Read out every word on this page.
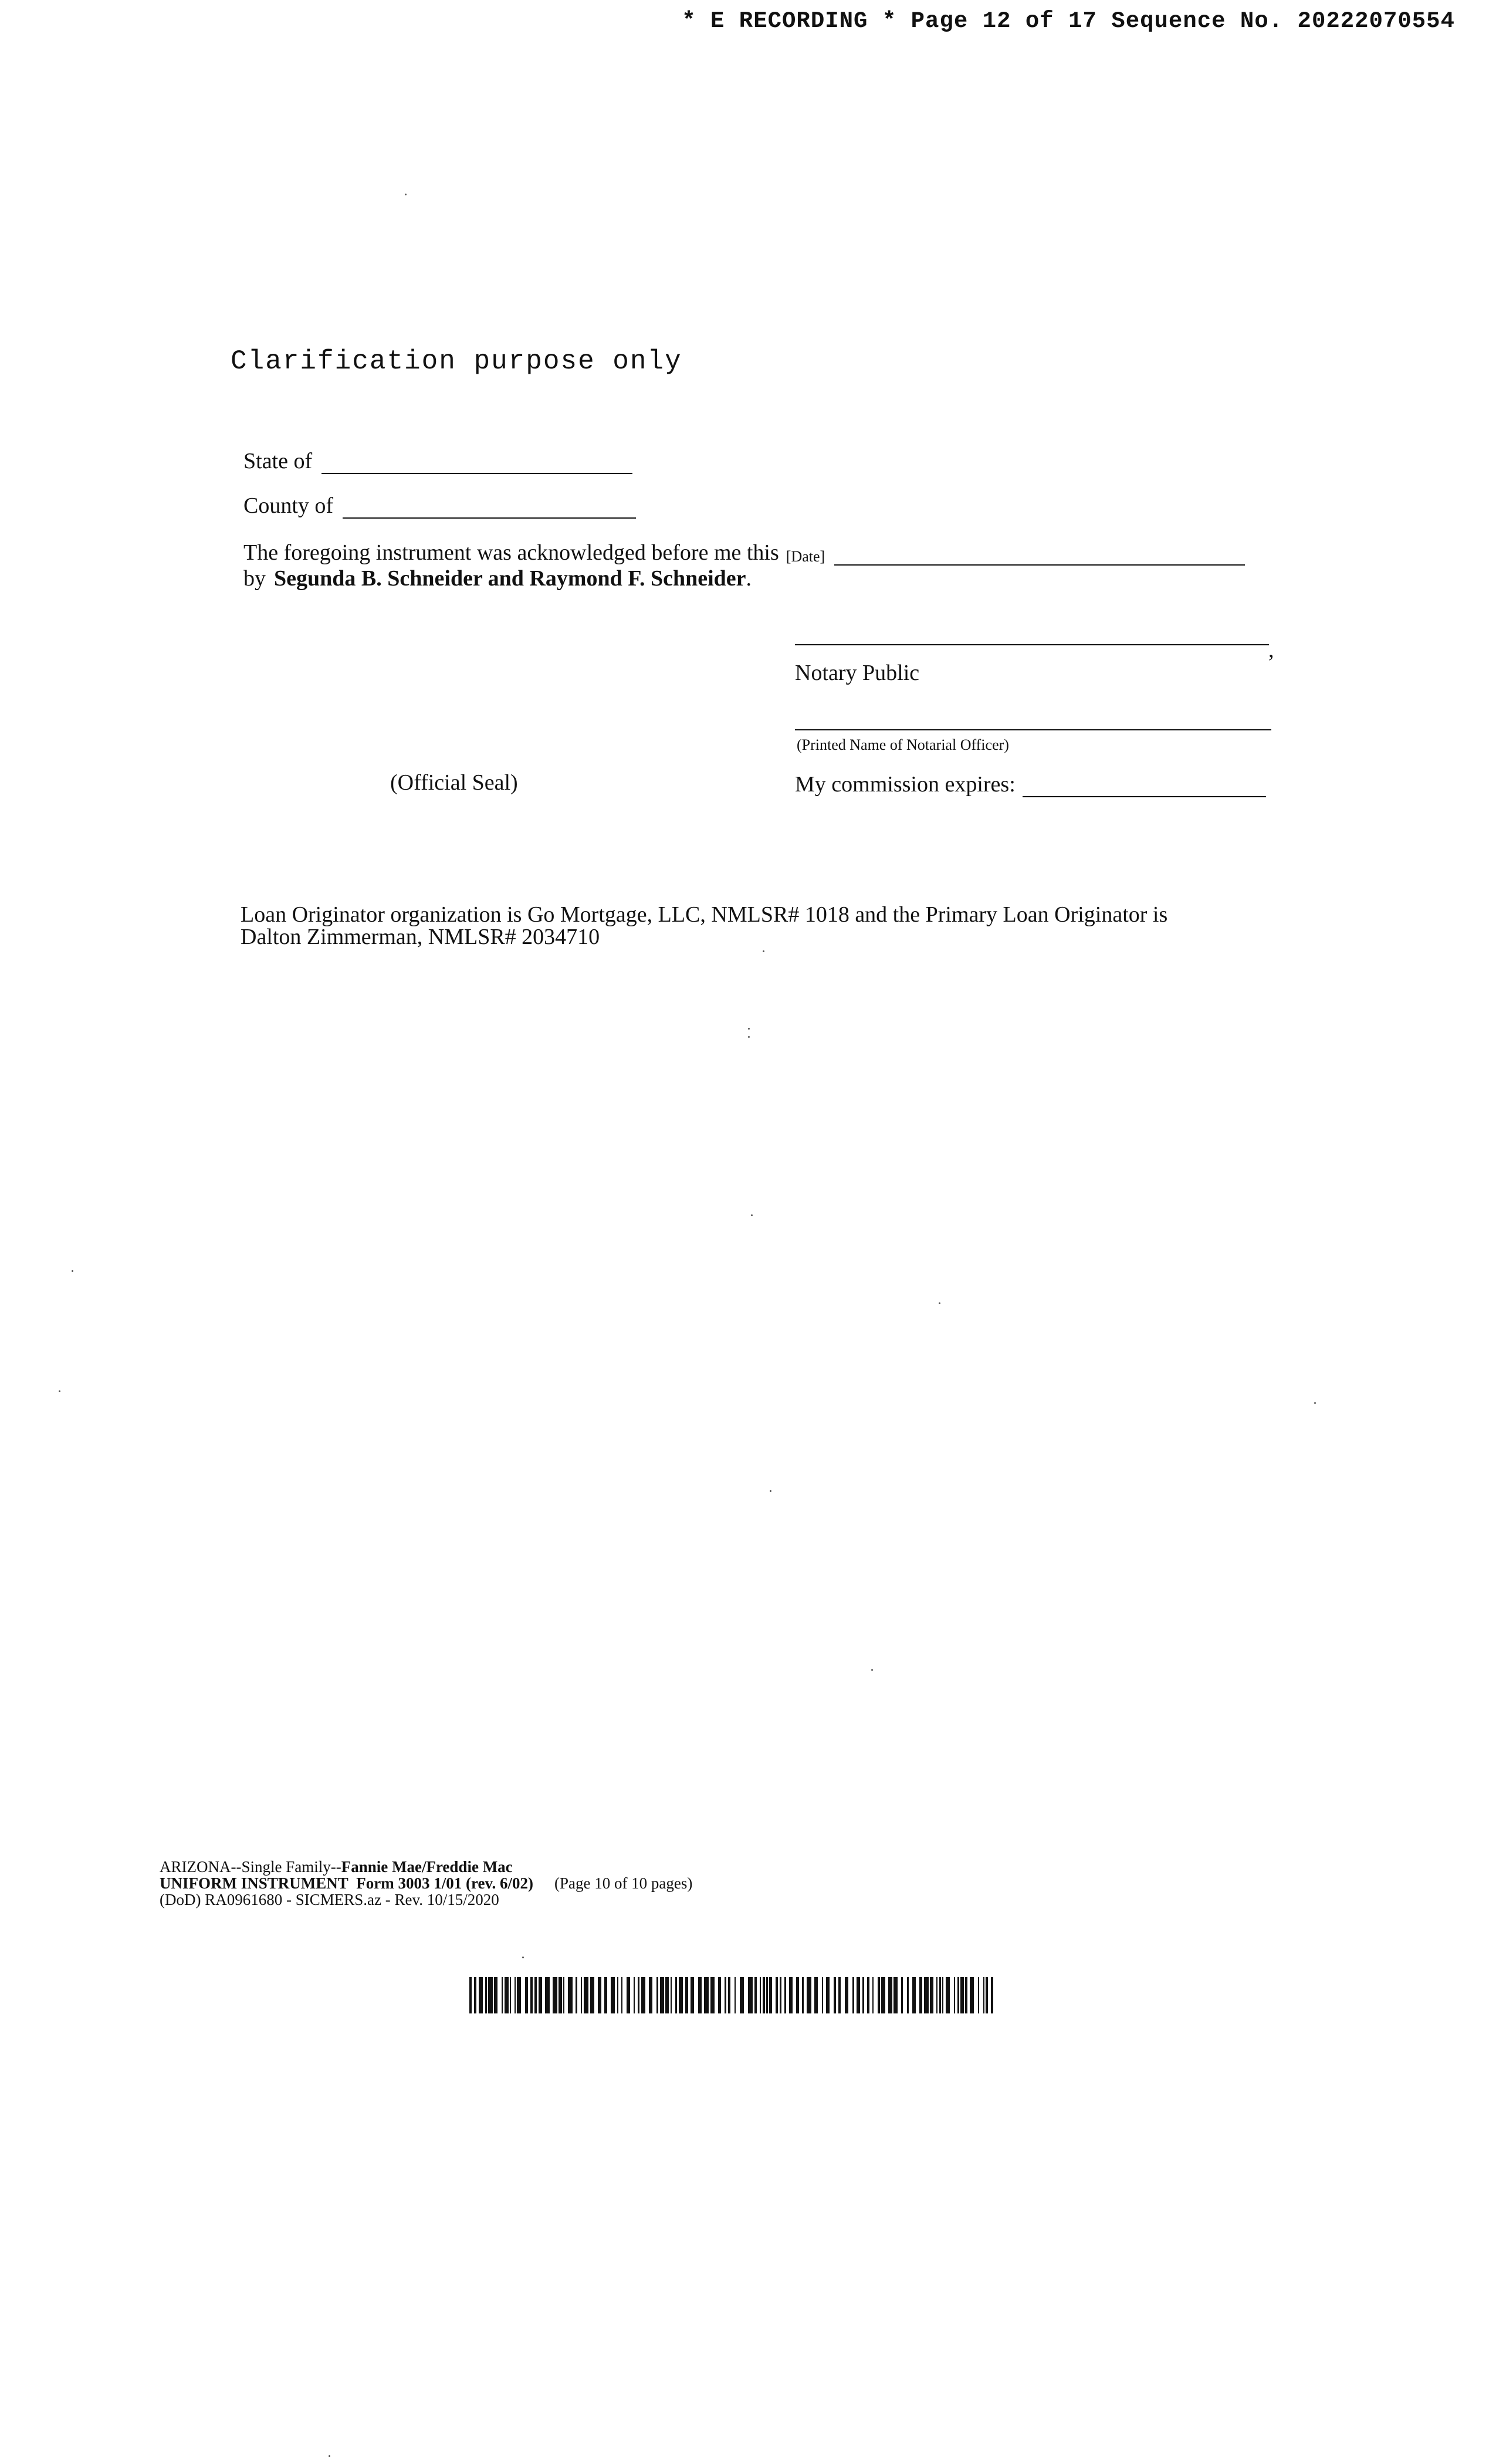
* E RECORDING * Page 12 of 17 Sequence No. 20222070554
Clarification purpose only
State of
County of
The foregoing instrument was acknowledged before me this [Date]
by Segunda B. Schneider and Raymond F. Schneider.
,
Notary Public
(Printed Name of Notarial Officer)
(Official Seal)	My commission expires:
Loan Originator organization is Go Mortgage, LLC, NMLSR# 1018 and the Primary Loan Originator is
Dalton Zimmerman, NMLSR# 2034710
ARIZONA--Single Family--Fannie Mae/Freddie Mac
UNIFORM INSTRUMENT Form 3003 1/01 (rev. 6/02) (Page 10 of 10 pages)
(DoD) RA0961680 - SICMERS.az - Rev. 10/15/2020
